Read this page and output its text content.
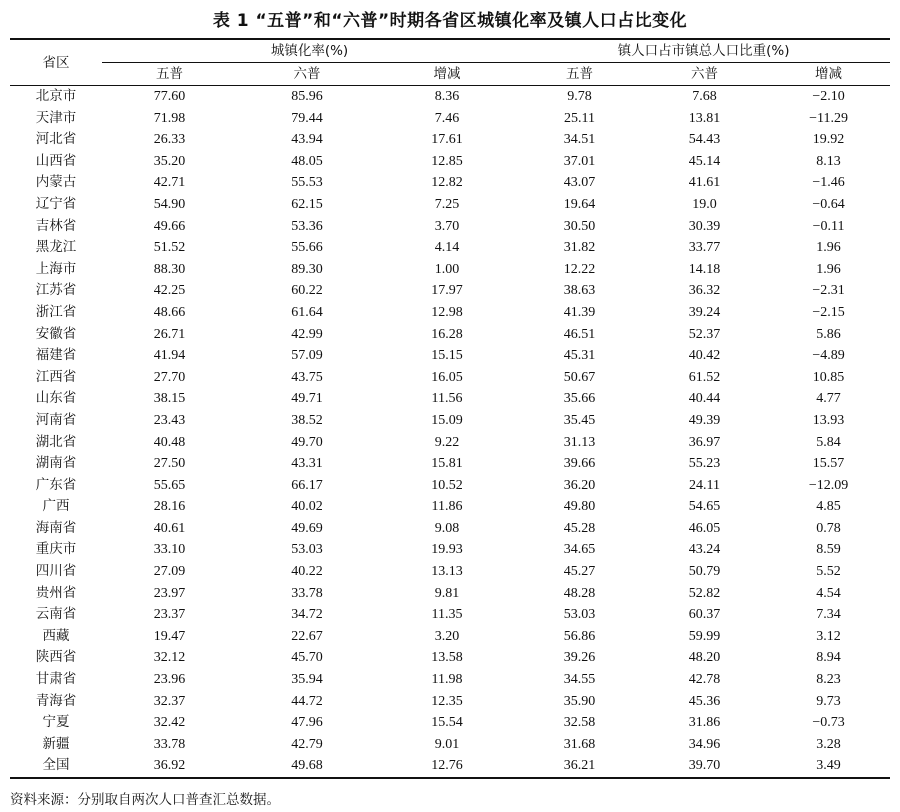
表 1 “五普”和“六普”时期各省区城镇化率及镇人口占比变化
省区	城镇化率(%)			镇人口占市镇总人口比重(%)		
	五普	六普	增减	五普	六普	增减
北京市	77.60	85.96	8.36	9.78	7.68	−2.10
天津市	71.98	79.44	7.46	25.11	13.81	−11.29
河北省	26.33	43.94	17.61	34.51	54.43	19.92
山西省	35.20	48.05	12.85	37.01	45.14	8.13
内蒙古	42.71	55.53	12.82	43.07	41.61	−1.46
辽宁省	54.90	62.15	7.25	19.64	19.0	−0.64
吉林省	49.66	53.36	3.70	30.50	30.39	−0.11
黑龙江	51.52	55.66	4.14	31.82	33.77	1.96
上海市	88.30	89.30	1.00	12.22	14.18	1.96
江苏省	42.25	60.22	17.97	38.63	36.32	−2.31
浙江省	48.66	61.64	12.98	41.39	39.24	−2.15
安徽省	26.71	42.99	16.28	46.51	52.37	5.86
福建省	41.94	57.09	15.15	45.31	40.42	−4.89
江西省	27.70	43.75	16.05	50.67	61.52	10.85
山东省	38.15	49.71	11.56	35.66	40.44	4.77
河南省	23.43	38.52	15.09	35.45	49.39	13.93
湖北省	40.48	49.70	9.22	31.13	36.97	5.84
湖南省	27.50	43.31	15.81	39.66	55.23	15.57
广东省	55.65	66.17	10.52	36.20	24.11	−12.09
广西	28.16	40.02	11.86	49.80	54.65	4.85
海南省	40.61	49.69	9.08	45.28	46.05	0.78
重庆市	33.10	53.03	19.93	34.65	43.24	8.59
四川省	27.09	40.22	13.13	45.27	50.79	5.52
贵州省	23.97	33.78	9.81	48.28	52.82	4.54
云南省	23.37	34.72	11.35	53.03	60.37	7.34
西藏	19.47	22.67	3.20	56.86	59.99	3.12
陕西省	32.12	45.70	13.58	39.26	48.20	8.94
甘肃省	23.96	35.94	11.98	34.55	42.78	8.23
青海省	32.37	44.72	12.35	35.90	45.36	9.73
宁夏	32.42	47.96	15.54	32.58	31.86	−0.73
新疆	33.78	42.79	9.01	31.68	34.96	3.28
全国	36.92	49.68	12.76	36.21	39.70	3.49
资料来源：分别取自两次人口普查汇总数据。
